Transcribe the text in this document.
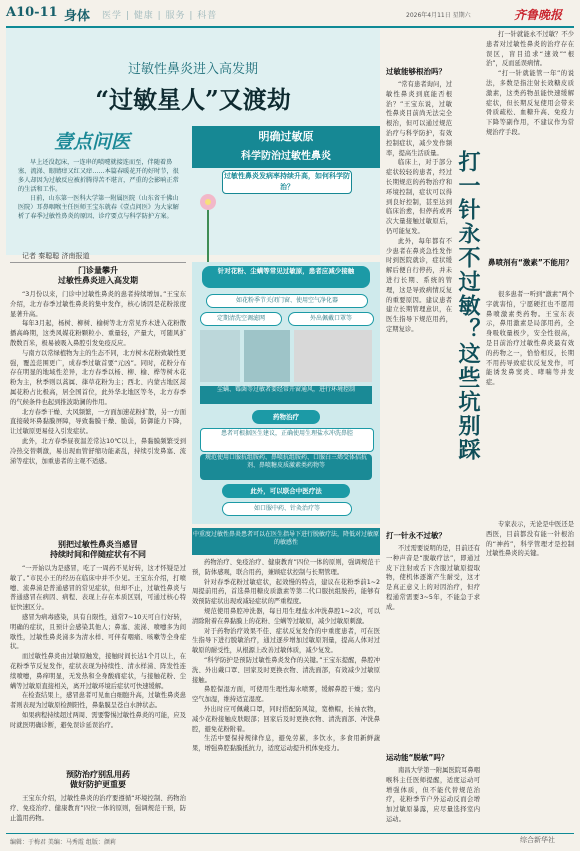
A10-11 身体 医学 | 健康 | 服务 | 科普	2026年4月11日 星期六	齐鲁晚报
过敏性鼻炎进入高发期
“过敏星人”又渡劫
壹点问医

早上还没起床，一连串的喷嚏就接连而至，伴随着鼻塞、流涕、眼睛痒又红又痒……本篇春暖花开的好时节，很多人却因为过敏反应被折腾得苦不堪言，严重的会影响正常的生活和工作。

日前，山东第一医科大学第一附属医院（山东省千佛山医院）耳鼻咽喉主任医师王宝东就春《壹点问医》为大家解析了春季过敏性鼻炎的原因、诊疗要点与科学防护方案。

明确过敏原
科学防治过敏性鼻炎
过敏性鼻炎发病率持续升高，如何科学防治？
针对花粉、尘螨等常见过敏原，患者应减少接触
如花粉季节关闭门窗、使用空气净化器
定期清洗空调滤网	外出佩戴口罩等
尘螨、霉菌等过敏者要经常开窗通风，进行环境控制
药物治疗
患者可根据医生建议，正确使用生理盐水冲洗鼻腔
规范使用口服抗组胺药、鼻喷抗组胺药、口服白三烯受体拮抗剂、鼻喷糖皮质激素类药物等
此外，可以联合中医疗法
如口服中药、针灸治疗等
中重度过敏性鼻炎患者可以在医生指导下进行脱敏疗法，降低对过敏原的敏感性
记者 秦聪聪 济南报道
门诊量攀升
过敏性鼻炎进入高发期

“3月份以来，门诊中过敏性鼻炎的患者持续增加。”王宝东介绍，北方春季过敏性鼻炎的集中发作，核心诱因是花粉浓度显著升高。

每年3月起，杨树、柳树、榆树等北方常见乔木进入花粉散播高峰期，这类风媒花粉颗粒小、重量轻，产量大，可随风扩散数百米，极易被吸入鼻腔引发免疫反应。

与南方以常绿植物为主的生态不同，北方树木花粉致敏性更强，覆盖范围更广，成春季过敏首要“元凶”。同时，花粉分布存在明显的地域性差异，北方春季以杨、柳、榆、桦等树木花粉为主，秋季则以蒿属、葎草花粉为主；西北、内蒙古地区蒿属花粉占比极高，居全国首位，此外华北地区等冬，北方春季的气候条件也起到推波助澜的作用。

北方春季干燥、大风频繁，一方面加速花粉扩散，另一方面直接破坏鼻黏膜屏障，导致黏膜干燥、脆弱，防御能力下降，让过敏原更易侵入引发症状。

此外，北方春季昼夜温差常达10℃以上，鼻黏膜频繁受到冷热交替刺激，易出现血管舒缩功能紊乱，持续引发鼻塞、流涕等症状，加重患者的主观不适感。

别把过敏性鼻炎当感冒
持续时间和伴随症状有不同

“一开始以为是感冒，吃了一周药不见好转，这才怀疑是过敏了。”市民小王的经历在临床中并不少见。王宝东介绍，打喷嚏、流鼻涕是普通感冒的常见症状，但却不止，过敏性鼻炎与普通感冒在病因、病程、表现上存在本质区别，可通过核心特征快速区分。

感冒为病毒感染，具有自限性，通常7~10天可自行好转，明确的症状，且预计会感染其他人；鼻塞、流涕、喷嚏多为间歇性，过敏性鼻炎涕多为清水样、可伴有咽痛、咳嗽等全身症状。

而过敏性鼻炎由过敏原触发，接触时间长达1个月以上，在花粉季节反复发作，症状表现为持续性、清水样涕、阵发性连续喷嚏，鼻痒明显，无发热和全身酸痛症状，与接触花粉、尘螨等过敏原直接相关，离开过敏环境后症状可快速缓解。

在检查结果上，感冒患者可见血白细胞升高，过敏性鼻炎患者则表现为过敏原检测阳性，鼻黏膜呈苍白水肿状态。

如果病程持续超过两周、需要警惕过敏性鼻炎的可能，应及时就医明确诊断，避免误诊延误治疗。

预防治疗别乱用药
做好防护更重要

王宝东介绍，过敏性鼻炎的治疗要遵循“环境控制、药物治疗、免疫治疗、健康教育”四位一体的原则，强调规范干预，防止滥用药物。

药物治疗、免疫治疗、健康教育”四位一体的原则，强调规范干预，防体感观，联合用药，兼顾症状控制与长期管理。

针对春季花粉过敏症状，起效慢的特点，建议在花粉季前1~2周提前用药，首选鼻用糖皮质激素等第二代口服抗组胺药，能够有效预防症状出现或减轻症状的严重程度。

规范使用鼻腔冲洗器，每日用生理盐水冲洗鼻腔1~2次，可以清除附着在鼻黏膜上的花粉、尘螨等过敏原，减少过敏原刺激。

对于药物治疗效果不佳、症状反复发作的中重度患者，可在医生指导下进行脱敏治疗，通过逐步增加过敏原剂量，提高人体对过敏原的耐受性，从根源上改善过敏体质，减少复发。

“科学防护是预防过敏性鼻炎发作的关键。”王宝东提醒，鼻腔冲洗、外出戴口罩、回家及时更换衣物、清洗面部，有效减少过敏原接触。

鼻腔保湿方面，可使用生理性海水喷雾，缓解鼻腔干燥；室内空气加湿，维持适宜湿度。

外出时应可佩戴口罩，同时搭配防风镜，宽檐帽，长袖衣物，减少花粉接触皮肤眼部；回家后及时更换衣物、清洗面部、冲洗鼻腔，避免花粉附着。

生活中要保持规律作息，避免劳累，多饮水，多食用新鲜蔬果，增强鼻腔黏膜抵抗力，适度运动提升机体免疫力。

过敏能够根治吗？

“常有患者询问，过敏性鼻炎到底能否根治？”王宝东说，过敏性鼻炎目前尚无法完全根治，但可以通过规范治疗与科学防护，有效控制症状，减少发作频率，提高生活质量。

临床上，对于部分症状较轻的患者，经过长期规范的药物治疗和环境控制，症状可以得到良好控制，甚至达到临床治愈，但停药或再次大量接触过敏原后，仍可能复发。

此外，每年都有不少患者在鼻炎急性发作时到医院就诊，症状缓解后便自行停药，并未进行长期、系统的管理，这是导致病情反复的重要原因。建议患者建立长期管理意识，在医生指导下规范用药，定期复诊。	打一针永不过敏？这些坑别踩

打一针就能永不过敏？不少患者对过敏性鼻炎的治疗存在误区，盲目追求“速效”“根治”，反而延误病情。

“打一针就能管一年”的说法，多数是指注射长效糖皮质激素，这类药物虽能快速缓解症状，但长期反复使用会带来骨质疏松、血糖升高、免疫力下降等副作用，不建议作为常规治疗手段。

鼻喷剂有“激素”不能用？

很多患者一听到“激素”两个字就害怕，宁愿硬扛也不愿用鼻喷激素类药物。王宝东表示，鼻用激素是局部用药，全身吸收量极少，安全性很高，是目前治疗过敏性鼻炎最有效的药物之一，恰恰相反，长期不用药导致症状反复发作，可能诱发鼻窦炎、哮喘等并发症。

打一针永不过敏？

不过需要说明的是，目前还有一种声音是“脱敏疗法”，即通过皮下注射或舌下含服过敏原提取物，使机体逐渐产生耐受，这才是真正意义上的对因治疗，但疗程通常需要3~5年，不能急于求成。

专家表示，无论是中医还是西医，目前都没有能一针根治的“神药”，科学管理才是控制过敏性鼻炎的关键。

运动能“脱敏”吗？

南昌大学第一附属医院耳鼻咽喉科主任医师提醒，适度运动可增强体质，但不能代替规范治疗，花粉季节户外运动反而会增加过敏原暴露，应尽量选择室内运动。

编辑：于梅君 美编：马秀霞 组版：颜莉	综合新华社
